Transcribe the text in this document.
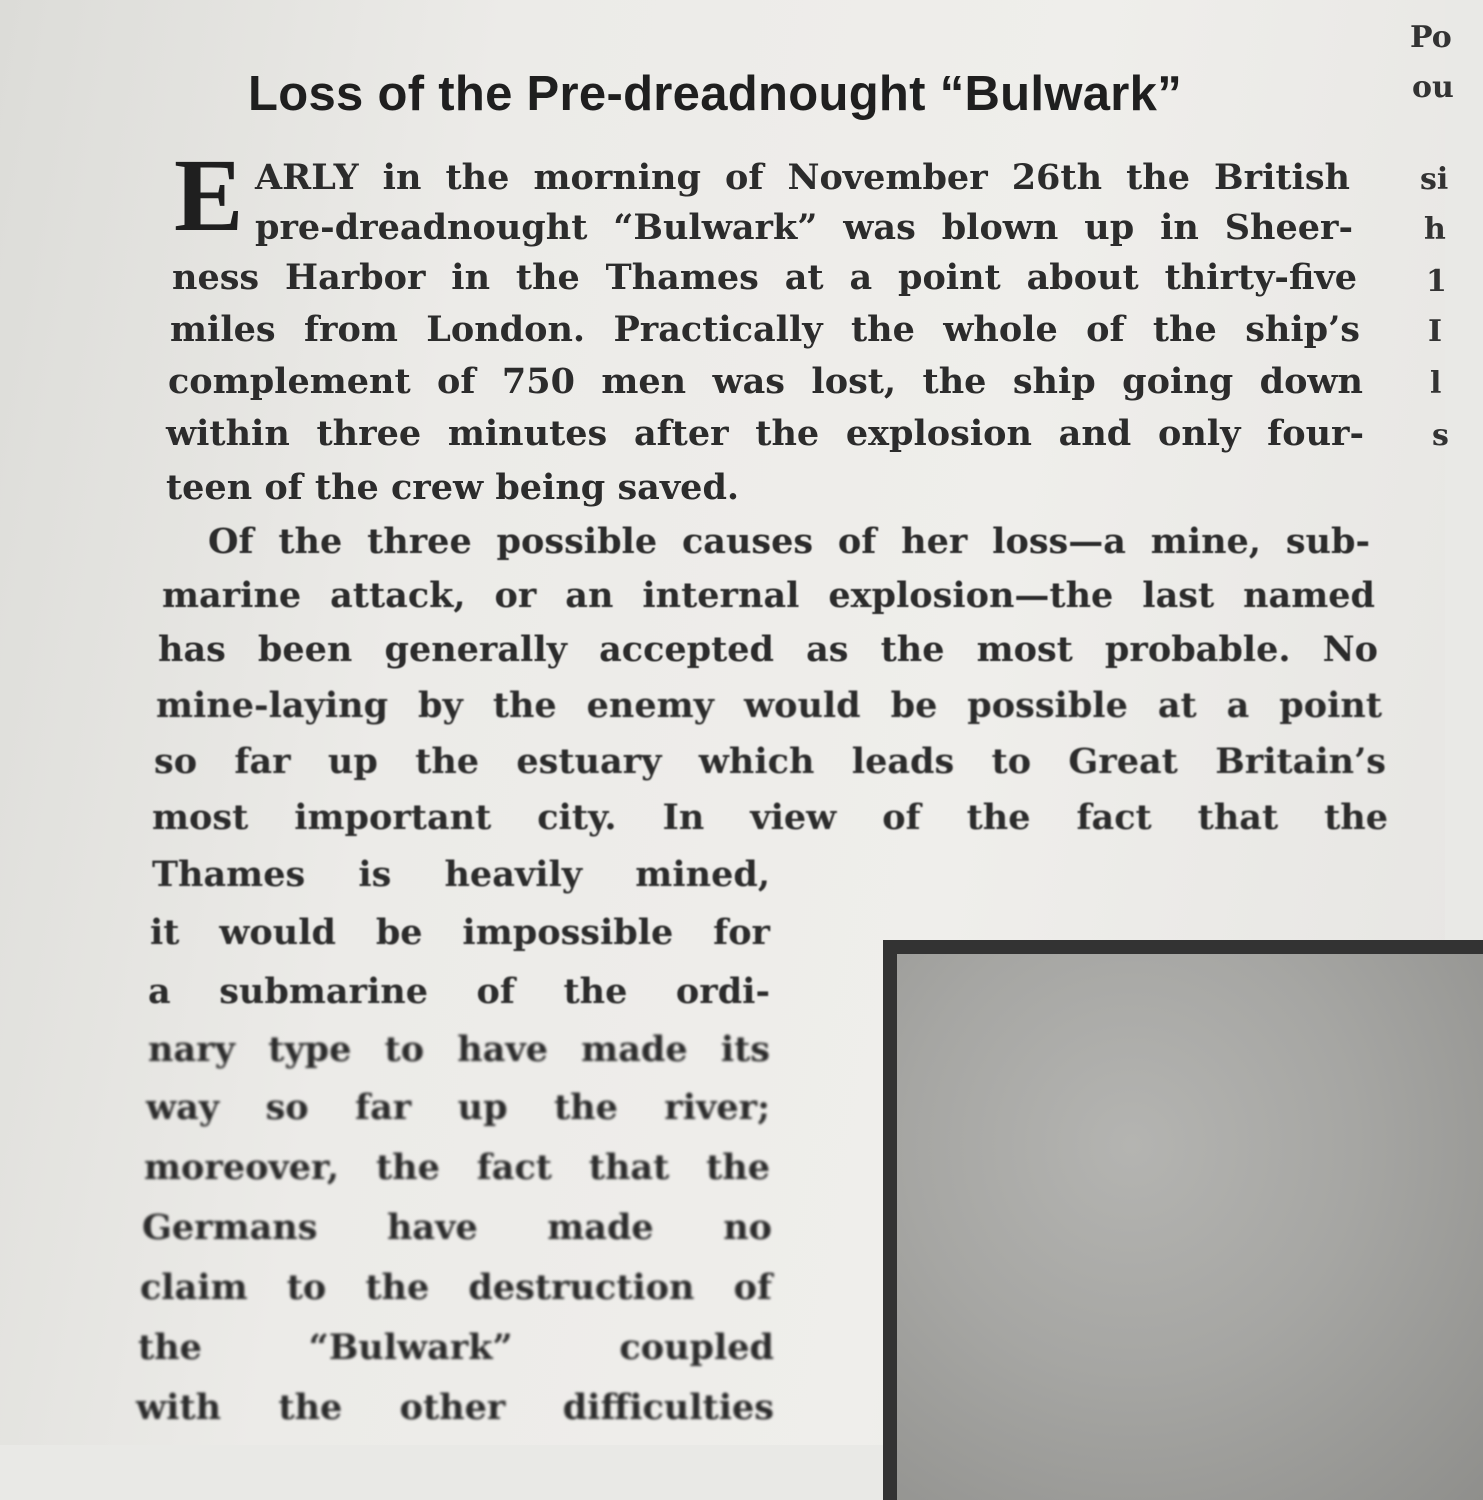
Loss of the Pre-dreadnought “Bulwark”
E ARLY in the morning of November 26th the British
pre-dreadnought “Bulwark” was blown up in Sheer-
ness Harbor in the Thames at a point about thirty-five
miles from London. Practically the whole of the ship’s
complement of 750 men was lost, the ship going down
within three minutes after the explosion and only four-
teen of the crew being saved.
Of the three possible causes of her loss—a mine, sub-
marine attack, or an internal explosion—the last named
has been generally accepted as the most probable. No
mine-laying by the enemy would be possible at a point
so far up the estuary which leads to Great Britain’s
most important city. In view of the fact that the
Thames is heavily mined,
it would be impossible for
a submarine of the ordi-
nary type to have made its
way so far up the river;
moreover, the fact that the
Germans have made no
claim to the destruction of
the “Bulwark” coupled
with the other difficulties
Po
ou
si
h
1
I
l
s
